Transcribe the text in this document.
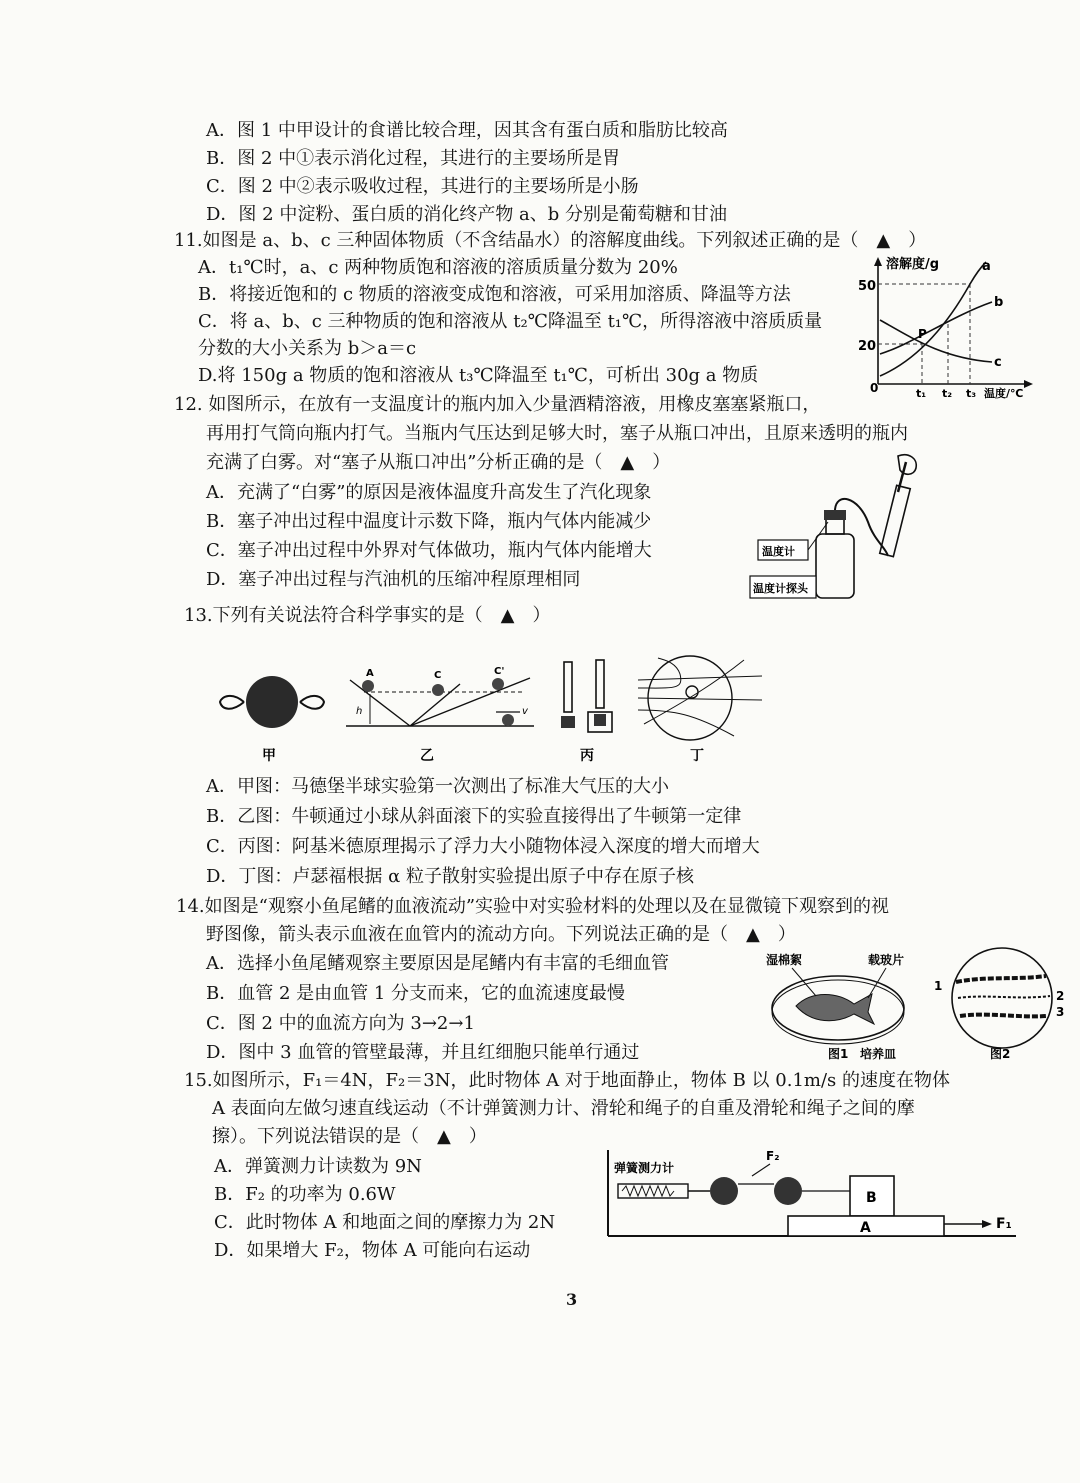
A．图 1 中甲设计的食谱比较合理，因其含有蛋白质和脂肪比较高
B．图 2 中①表示消化过程，其进行的主要场所是胃
C．图 2 中②表示吸收过程，其进行的主要场所是小肠
D．图 2 中淀粉、蛋白质的消化终产物 a、b 分别是葡萄糖和甘油
11.如图是 a、b、c 三种固体物质（不含结晶水）的溶解度曲线。下列叙述正确的是（　▲　）
A．t₁℃时，a、c 两种物质饱和溶液的溶质质量分数为 20%
B．将接近饱和的 c 物质的溶液变成饱和溶液，可采用加溶质、降温等方法
C．将 a、b、c 三种物质的饱和溶液从 t₂℃降温至 t₁℃，所得溶液中溶质质量
分数的大小关系为 b＞a＝c
D.将 150g a 物质的饱和溶液从 t₃℃降温至 t₁℃，可析出 30g a 物质
溶解度/g
温度/℃
50
20
0
a
b
c
P
t₁ t₂ t₃
12. 如图所示，在放有一支温度计的瓶内加入少量酒精溶液，用橡皮塞塞紧瓶口，
再用打气筒向瓶内打气。当瓶内气压达到足够大时，塞子从瓶口冲出，且原来透明的瓶内
充满了白雾。对“塞子从瓶口冲出”分析正确的是（　▲　）
A．充满了“白雾”的原因是液体温度升高发生了汽化现象
B．塞子冲出过程中温度计示数下降，瓶内气体内能减少
C．塞子冲出过程中外界对气体做功，瓶内气体内能增大
D．塞子冲出过程与汽油机的压缩冲程原理相同
温度计
温度计探头
13.下列有关说法符合科学事实的是（　▲　）
甲
A	C	C'
h	v
乙	丙	丁
A．甲图：马德堡半球实验第一次测出了标准大气压的大小
B．乙图：牛顿通过小球从斜面滚下的实验直接得出了牛顿第一定律
C．丙图：阿基米德原理揭示了浮力大小随物体浸入深度的增大而增大
D．丁图：卢瑟福根据 α 粒子散射实验提出原子中存在原子核
14.如图是“观察小鱼尾鳍的血液流动”实验中对实验材料的处理以及在显微镜下观察到的视
野图像，箭头表示血液在血管内的流动方向。下列说法正确的是（　▲　）
A．选择小鱼尾鳍观察主要原因是尾鳍内有丰富的毛细血管
B．血管 2 是由血管 1 分支而来，它的血流速度最慢
C．图 2 中的血流方向为 3→2→1
D．图中 3 血管的管壁最薄，并且红细胞只能单行通过
湿棉絮	载玻片
培养皿
图1
1
2
3
图2
15.如图所示，F₁＝4N，F₂＝3N，此时物体 A 对于地面静止，物体 B 以 0.1m/s 的速度在物体
A 表面向左做匀速直线运动（不计弹簧测力计、滑轮和绳子的自重及滑轮和绳子之间的摩
擦）。下列说法错误的是（　▲　）
A．弹簧测力计读数为 9N
B．F₂ 的功率为 0.6W
C．此时物体 A 和地面之间的摩擦力为 2N
D．如果增大 F₂，物体 A 可能向右运动
弹簧测力计
F₂
B
A	F₁
3
